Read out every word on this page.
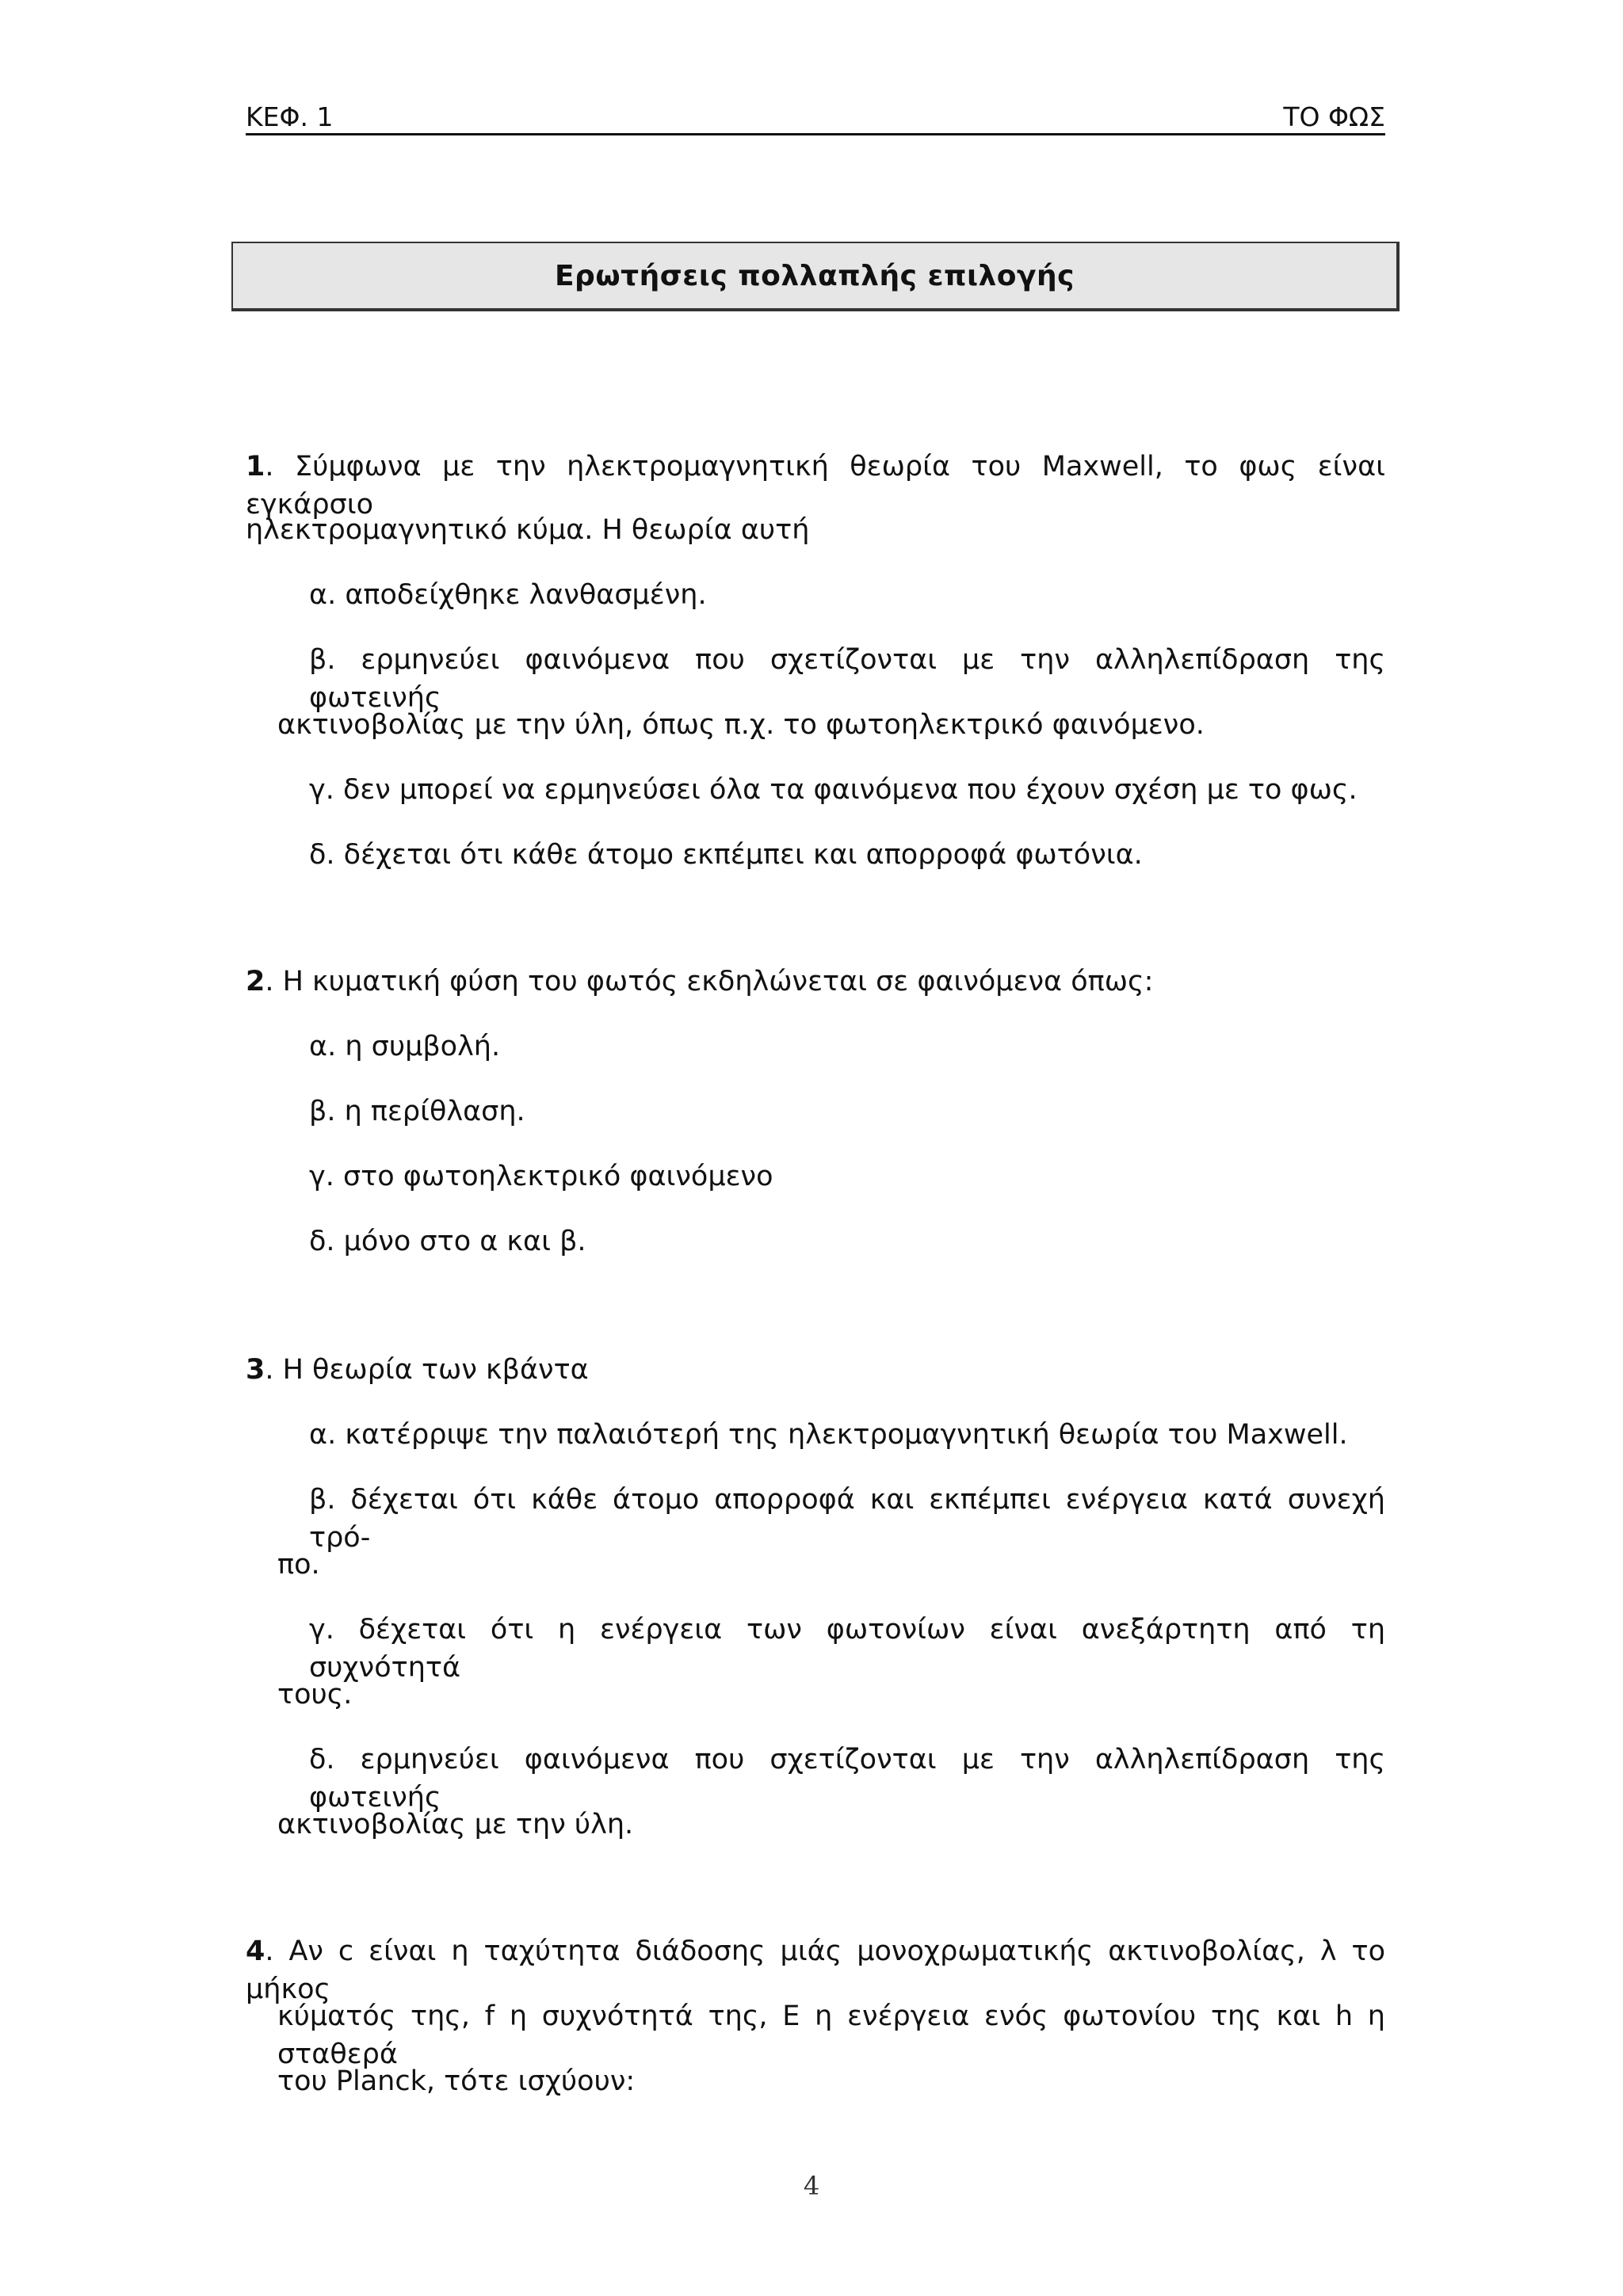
ΚΕΦ. 1	ΤΟ ΦΩΣ
Ερωτήσεις πολλαπλής επιλογής
1. Σύμφωνα με την ηλεκτρομαγνητική θεωρία του Maxwell, το φως είναι εγκάρσιο
ηλεκτρομαγνητικό κύμα. Η θεωρία αυτή
α. αποδείχθηκε λανθασμένη.
β. ερμηνεύει φαινόμενα που σχετίζονται με την αλληλεπίδραση της φωτεινής
ακτινοβολίας με την ύλη, όπως π.χ. το φωτοηλεκτρικό φαινόμενο.
γ. δεν μπορεί να ερμηνεύσει όλα τα φαινόμενα που έχουν σχέση με το φως.
δ. δέχεται ότι κάθε άτομο εκπέμπει και απορροφά φωτόνια.
2. Η κυματική φύση του φωτός εκδηλώνεται σε φαινόμενα όπως:
α. η συμβολή.
β. η περίθλαση.
γ. στο φωτοηλεκτρικό φαινόμενο
δ. μόνο στο α και β.
3. Η θεωρία των κβάντα
α. κατέρριψε την παλαιότερή της ηλεκτρομαγνητική θεωρία του Maxwell.
β. δέχεται ότι κάθε άτομο απορροφά και εκπέμπει ενέργεια κατά συνεχή τρό-
πο.
γ. δέχεται ότι η ενέργεια των φωτονίων είναι ανεξάρτητη από τη συχνότητά
τους.
δ. ερμηνεύει φαινόμενα που σχετίζονται με την αλληλεπίδραση της φωτεινής
ακτινοβολίας με την ύλη.
4. Αν c είναι η ταχύτητα διάδοσης μιάς μονοχρωματικής ακτινοβολίας, λ το μήκος
κύματός της, f η συχνότητά της, Ε η ενέργεια ενός φωτονίου της και h η σταθερά
του Planck, τότε ισχύουν:
4
